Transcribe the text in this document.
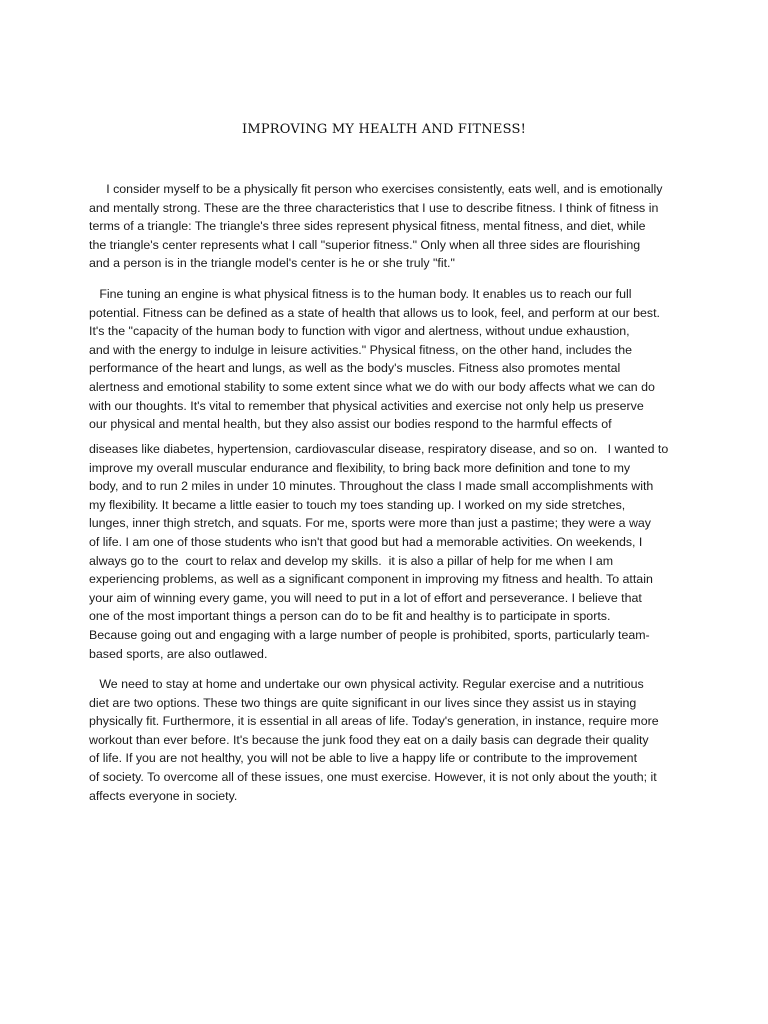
IMPROVING MY HEALTH AND FITNESS!

I consider myself to be a physically fit person who exercises consistently, eats well, and is emotionally
and mentally strong. These are the three characteristics that I use to describe fitness. I think of fitness in
terms of a triangle: The triangle's three sides represent physical fitness, mental fitness, and diet, while
the triangle's center represents what I call "superior fitness." Only when all three sides are flourishing
and a person is in the triangle model's center is he or she truly "fit."

Fine tuning an engine is what physical fitness is to the human body. It enables us to reach our full
potential. Fitness can be defined as a state of health that allows us to look, feel, and perform at our best.
It's the "capacity of the human body to function with vigor and alertness, without undue exhaustion,
and with the energy to indulge in leisure activities." Physical fitness, on the other hand, includes the
performance of the heart and lungs, as well as the body's muscles. Fitness also promotes mental
alertness and emotional stability to some extent since what we do with our body affects what we can do
with our thoughts. It's vital to remember that physical activities and exercise not only help us preserve
our physical and mental health, but they also assist our bodies respond to the harmful effects of

diseases like diabetes, hypertension, cardiovascular disease, respiratory disease, and so on.   I wanted to
improve my overall muscular endurance and flexibility, to bring back more definition and tone to my
body, and to run 2 miles in under 10 minutes. Throughout the class I made small accomplishments with
my flexibility. It became a little easier to touch my toes standing up. I worked on my side stretches,
lunges, inner thigh stretch, and squats. For me, sports were more than just a pastime; they were a way
of life. I am one of those students who isn't that good but had a memorable activities. On weekends, I
always go to the  court to relax and develop my skills.  it is also a pillar of help for me when I am
experiencing problems, as well as a significant component in improving my fitness and health. To attain
your aim of winning every game, you will need to put in a lot of effort and perseverance. I believe that
one of the most important things a person can do to be fit and healthy is to participate in sports.
Because going out and engaging with a large number of people is prohibited, sports, particularly team-
based sports, are also outlawed.

We need to stay at home and undertake our own physical activity. Regular exercise and a nutritious
diet are two options. These two things are quite significant in our lives since they assist us in staying
physically fit. Furthermore, it is essential in all areas of life. Today's generation, in instance, require more
workout than ever before. It's because the junk food they eat on a daily basis can degrade their quality
of life. If you are not healthy, you will not be able to live a happy life or contribute to the improvement
of society. To overcome all of these issues, one must exercise. However, it is not only about the youth; it
affects everyone in society.
